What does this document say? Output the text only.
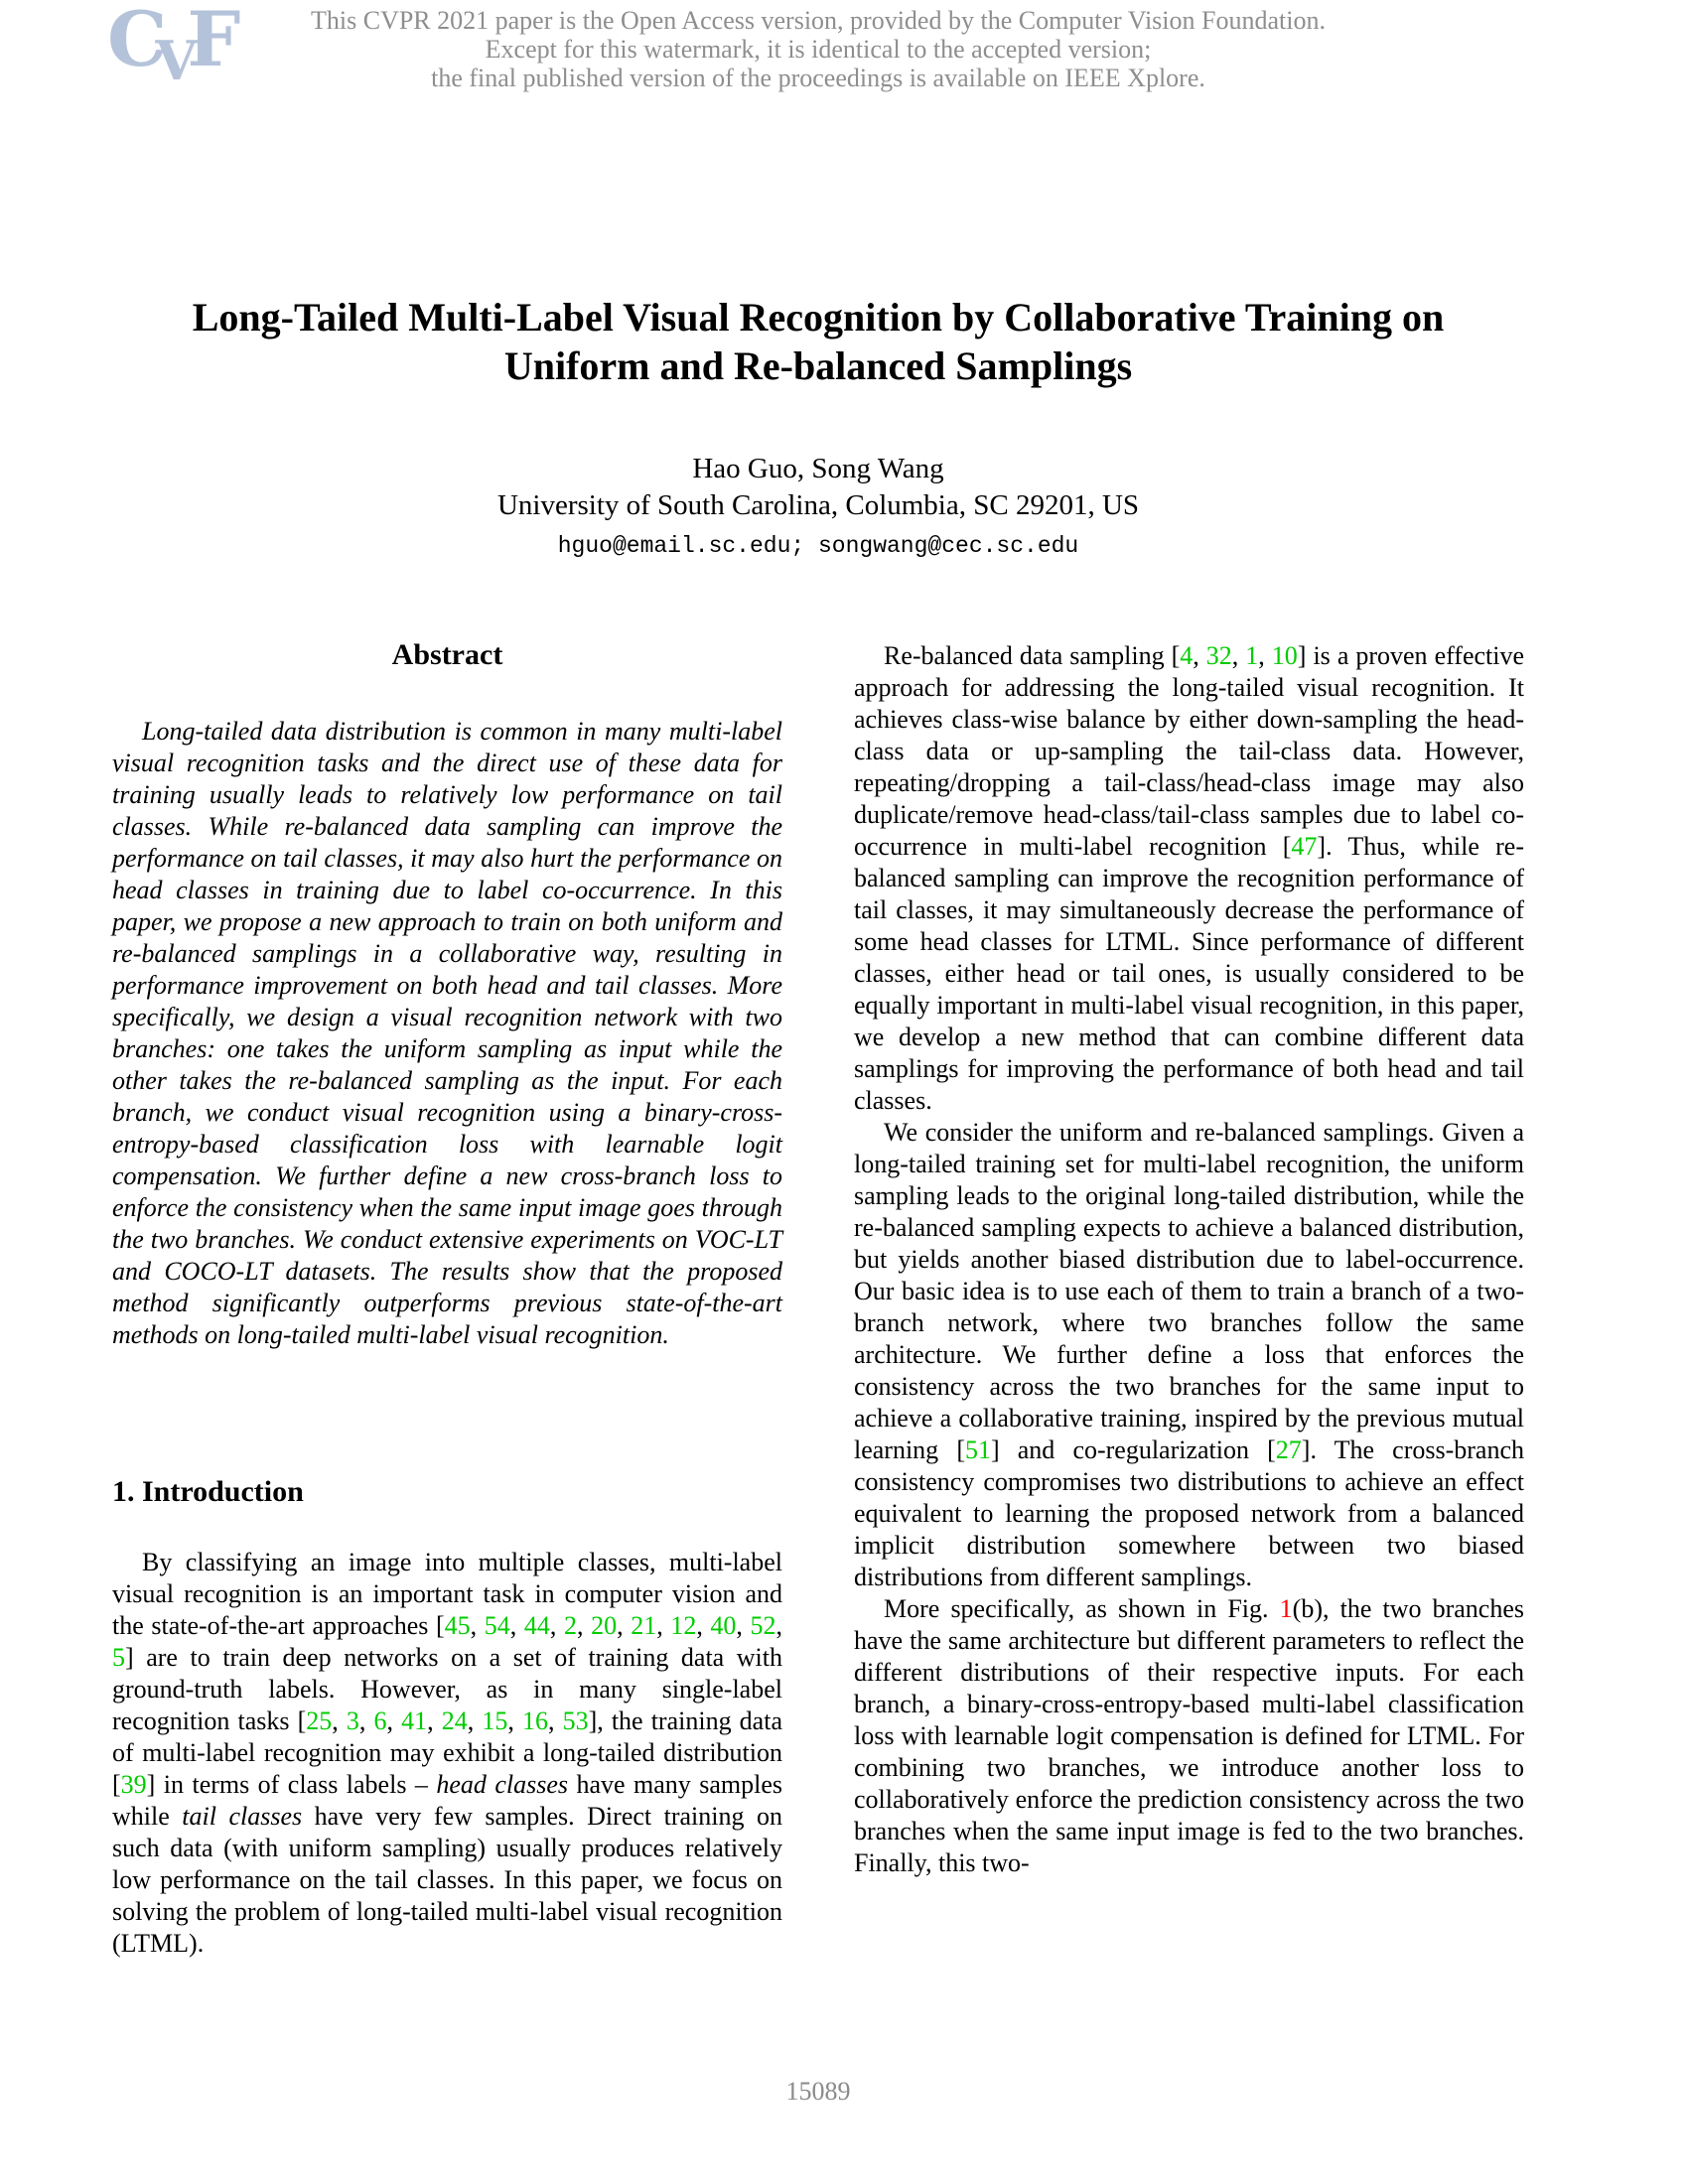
CVF	This CVPR 2021 paper is the Open Access version, provided by the Computer Vision Foundation.
Except for this watermark, it is identical to the accepted version;
the final published version of the proceedings is available on IEEE Xplore.
Long-Tailed Multi-Label Visual Recognition by Collaborative Training on
Uniform and Re-balanced Samplings
Hao Guo, Song Wang
University of South Carolina, Columbia, SC 29201, US
hguo@email.sc.edu; songwang@cec.sc.edu
Abstract

Long-tailed data distribution is common in many multi-label visual recognition tasks and the direct use of these data for training usually leads to relatively low performance on tail classes. While re-balanced data sampling can improve the performance on tail classes, it may also hurt the performance on head classes in training due to label co-occurrence. In this paper, we propose a new approach to train on both uniform and re-balanced samplings in a collaborative way, resulting in performance improvement on both head and tail classes. More specifically, we design a visual recognition network with two branches: one takes the uniform sampling as input while the other takes the re-balanced sampling as the input. For each branch, we conduct visual recognition using a binary-cross-entropy-based classification loss with learnable logit compensation. We further define a new cross-branch loss to enforce the consistency when the same input image goes through the two branches. We conduct extensive experiments on VOC-LT and COCO-LT datasets. The results show that the proposed method significantly outperforms previous state-of-the-art methods on long-tailed multi-label visual recognition.

1. Introduction

By classifying an image into multiple classes, multi-label visual recognition is an important task in computer vision and the state-of-the-art approaches [45, 54, 44, 2, 20, 21, 12, 40, 52, 5] are to train deep networks on a set of training data with ground-truth labels. However, as in many single-label recognition tasks [25, 3, 6, 41, 24, 15, 16, 53], the training data of multi-label recognition may exhibit a long-tailed distribution [39] in terms of class labels – head classes have many samples while tail classes have very few samples. Direct training on such data (with uniform sampling) usually produces relatively low performance on the tail classes. In this paper, we focus on solving the problem of long-tailed multi-label visual recognition (LTML).

Re-balanced data sampling [4, 32, 1, 10] is a proven effective approach for addressing the long-tailed visual recognition. It achieves class-wise balance by either down-sampling the head-class data or up-sampling the tail-class data. However, repeating/dropping a tail-class/head-class image may also duplicate/remove head-class/tail-class samples due to label co-occurrence in multi-label recognition [47]. Thus, while re-balanced sampling can improve the recognition performance of tail classes, it may simultaneously decrease the performance of some head classes for LTML. Since performance of different classes, either head or tail ones, is usually considered to be equally important in multi-label visual recognition, in this paper, we develop a new method that can combine different data samplings for improving the performance of both head and tail classes.

We consider the uniform and re-balanced samplings. Given a long-tailed training set for multi-label recognition, the uniform sampling leads to the original long-tailed distribution, while the re-balanced sampling expects to achieve a balanced distribution, but yields another biased distribution due to label-occurrence. Our basic idea is to use each of them to train a branch of a two-branch network, where two branches follow the same architecture. We further define a loss that enforces the consistency across the two branches for the same input to achieve a collaborative training, inspired by the previous mutual learning [51] and co-regularization [27]. The cross-branch consistency compromises two distributions to achieve an effect equivalent to learning the proposed network from a balanced implicit distribution somewhere between two biased distributions from different samplings.

More specifically, as shown in Fig. 1(b), the two branches have the same architecture but different parameters to reflect the different distributions of their respective inputs. For each branch, a binary-cross-entropy-based multi-label classification loss with learnable logit compensation is defined for LTML. For combining two branches, we introduce another loss to collaboratively enforce the prediction consistency across the two branches when the same input image is fed to the two branches. Finally, this two-

15089
